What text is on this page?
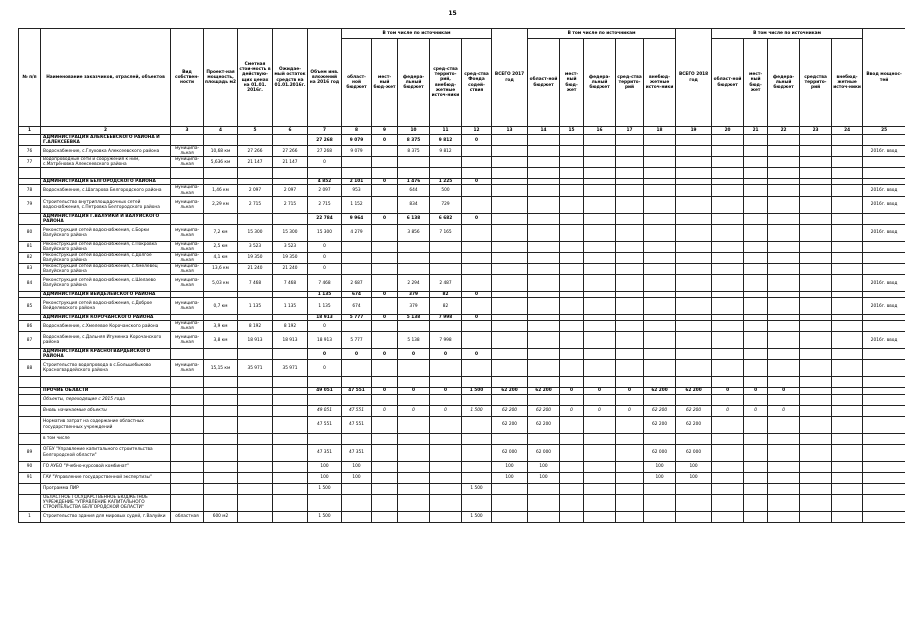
15
№ п/п	Наименование заказчиков, отраслей, объектов	Вид собствен-ности	Проект-ная мощность, площадь м2	Сметная стои-мость в действую-щих ценах на 01.01. 2016г.	Ожидае-мый остаток средств на 01.01.2016г.	Объем инв. вложений на 2016 год	В том числе по источникам					ВСЕГО 2017 год	В том числе по источникам					ВСЕГО 2018 год	В том числе по источникам					Ввод мощнос-тей
							област-ной бюджет	мест-ный бюд-жет	федера-льный бюджет	сред-ства террито-рий, внебюд-жетные источ-ники	сред-ства Фонда содей-ствия		област-ной бюджет	мест-ный бюд-жет	федера-льный бюджет	сред-ства террито-рий	внебюд-жетные источ-ники		област-ной бюджет	мест-ный бюд-жет	федера-льный бюджет	средства террито-рий	внебюд-жетные источ-ники	
1	2	3	4	5	6	7	8	9	10	11	12	13	14	15	16	17	18	19	20	21	22	23	24	25
	АДМИНИСТРАЦИЯ АЛЕКСЕЕВСКОГО РАЙОНА И Г.АЛЕКСЕЕВКА					27 268	9 079	0	8 375	9 812	0													
76	Водоснабжение, с.Глуховка Алексеевского района	муниципа-льная	10,68 км	27 266	27 266	27 268	9 079		8 375	9 812														2016г. ввод
77	Водопроводные сети и сооружения к ним, с.Матрёновка Алексеевского района	муниципа-льная	5,636 км	21 147	21 147	0																		

	АДМИНИСТРАЦИЯ БЕЛГОРОДСКОГО РАЙОНА					4 852	2 101	0	1 476	1 225	0													
78	Водоснабжение, с.Шагарова Белгородского района	муниципа-льная	1,46 км	2 097	2 097	2 097	953		644	500														2016г. ввод
79	Строительство внутриплощадочных сетей водоснабжения, с.Петровка Белгородского района	муниципа-льная	2,29 км	2 715	2 715	2 715	1 152		834	729														2016г. ввод
	АДМИНИСТРАЦИЯ Г.ВАЛУЙКИ И ВАЛУЙСКОГО РАЙОНА					22 784	9 964	0	6 138	6 682	0													
80	Реконструкция сетей водоснабжения, с.Борки Валуйского района	муниципа-льная	7,2 км	15 300	15 300	15 300	4 279		3 856	7 165														2016г. ввод
81	Реконструкция сетей водоснабжения, с.Покровка Валуйского района	муниципа-льная	2,5 км	3 523	3 523	0																		
82	Реконструкция сетей водоснабжения, с.Долгое Валуйского района	муниципа-льная	4,1 км	19 350	19 350	0																		
83	Реконструкция сетей водоснабжения, с.Хмелевец Валуйского района	муниципа-льная	13,6 км	21 240	21 240	0																		
84	Реконструкция сетей водоснабжения, с.Шелаево Валуйского района	муниципа-льная	5,03 км	7 468	7 468	7 468	2 687		2 294	2 487														2016г. ввод
	АДМИНИСТРАЦИЯ ВЕЙДЕЛЕВСКОГО РАЙОНА					1 135	674	0	379	82	0													
85	Реконструкция сетей водоснабжения, с.Доброе Вейделевского района	муниципа-льная	0,7 км	1 135	1 135	1 135	674		379	82														2016г. ввод
	АДМИНИСТРАЦИЯ КОРОЧАНСКОГО РАЙОНА					18 913	5 777	0	5 138	7 998	0													
86	Водоснабжение, с.Хмелевое Корочанского района	муниципа-льная	3,9 км	8 192	8 192	0																		
87	Водоснабжение, с.Дальняя Игуменка Корочанского района	муниципа-льная	3,8 км	18 913	18 913	18 913	5 777		5 138	7 998														2016г. ввод
	АДМИНИСТРАЦИЯ КРАСНОГВАРДЕЙСКОГО РАЙОНА					0	0	0	0	0	0													
88	Строительство водопровода в с.Большебыково Красногвардейского района	муниципа-льная	15,15 км	35 971	35 971	0																		

	ПРОЧИЕ ОБЛАСТИ					49 051	47 551	0	0	0	1 500	62 200	62 200	0	0	0	62 200	62 200	0	0	0			
	Объекты, переходящие с 2015 года																							
	Вновь начинаемые объекты					49 051	47 551	0	0	0	1 500	62 200	62 200	0	0	0	62 200	62 200	0	0	0			
	Норматив затрат на содержание областных государственных учреждений					47 551	47 551					62 200	62 200				62 200	62 200						
	в том числе																							
89	ОГБУ "Управление капитального строительства Белгородской области"					47 351	47 351					62 000	62 000				62 000	62 000						
90	ГО АУБО "Учебно-курсовой комбинат"					100	100					100	100				100	100						
91	ГАУ "Управление государственной экспертизы"					100	100					100	100				100	100						
	Программа ПИР					1 500					1 500													
	ОБЛАСТНОЕ ГОСУДАРСТВЕННОЕ БЮДЖЕТНОЕ УЧРЕЖДЕНИЕ "УПРАВЛЕНИЕ КАПИТАЛЬНОГО СТРОИТЕЛЬСТВА БЕЛГОРОДСКОЙ ОБЛАСТИ"																							
1	Строительство здания для мировых судей, г.Валуйки	областная	600 м2			1 500					1 500													
